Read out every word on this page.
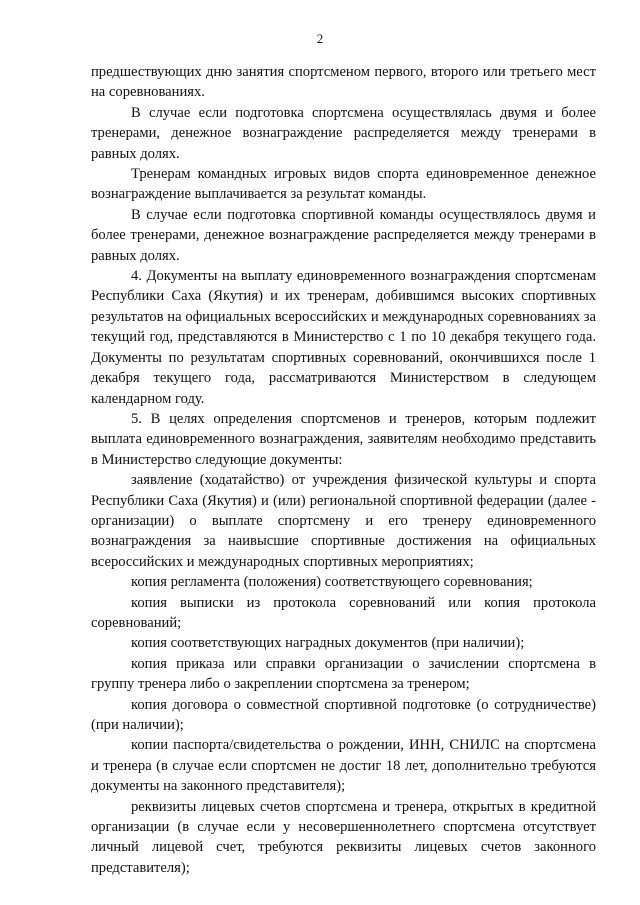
2

предшествующих дню занятия спортсменом первого, второго или третьего мест на соревнованиях.

В случае если подготовка спортсмена осуществлялась двумя и более тренерами, денежное вознаграждение распределяется между тренерами в равных долях.

Тренерам командных игровых видов спорта единовременное денежное вознаграждение выплачивается за результат команды.

В случае если подготовка спортивной команды осуществлялось двумя и более тренерами, денежное вознаграждение распределяется между тренерами в равных долях.

4. Документы на выплату единовременного вознаграждения спортсменам Республики Саха (Якутия) и их тренерам, добившимся высоких спортивных результатов на официальных всероссийских и международных соревнованиях за текущий год, представляются в Министерство с 1 по 10 декабря текущего года. Документы по результатам спортивных соревнований, окончившихся после 1 декабря текущего года, рассматриваются Министерством в следующем календарном году.

5. В целях определения спортсменов и тренеров, которым подлежит выплата единовременного вознаграждения, заявителям необходимо представить в Министерство следующие документы:

заявление (ходатайство) от учреждения физической культуры и спорта Республики Саха (Якутия) и (или) региональной спортивной федерации (далее - организации) о выплате спортсмену и его тренеру единовременного вознаграждения за наивысшие спортивные достижения на официальных всероссийских и международных спортивных мероприятиях;

копия регламента (положения) соответствующего соревнования;

копия выписки из протокола соревнований или копия протокола соревнований;

копия соответствующих наградных документов (при наличии);

копия приказа или справки организации о зачислении спортсмена в группу тренера либо о закреплении спортсмена за тренером;

копия договора о совместной спортивной подготовке (о сотрудничестве) (при наличии);

копии паспорта/свидетельства о рождении, ИНН, СНИЛС на спортсмена и тренера (в случае если спортсмен не достиг 18 лет, дополнительно требуются документы на законного представителя);

реквизиты лицевых счетов спортсмена и тренера, открытых в кредитной организации (в случае если у несовершеннолетнего спортсмена отсутствует личный лицевой счет, требуются реквизиты лицевых счетов законного представителя);
